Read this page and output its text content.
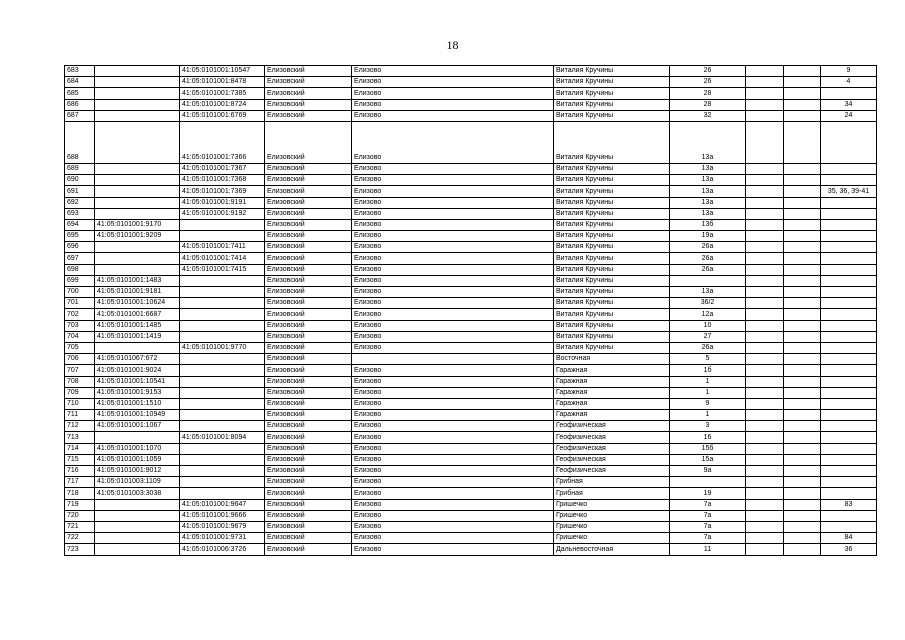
18
683		41:05:0101001:10547	Елизовский	Елизово	Виталия Кручины	26			9
684		41:05:0101001:8478	Елизовский	Елизово	Виталия Кручины	26			4
685		41:05:0101001:7385	Елизовский	Елизово	Виталия Кручины	28			
686		41:05:0101001:8724	Елизовский	Елизово	Виталия Кручины	28			34
687		41:05:0101001:6769	Елизовский	Елизово	Виталия Кручины	32			24
688		41:05:0101001:7366	Елизовский	Елизово	Виталия Кручины	13а			
689		41:05:0101001:7367	Елизовский	Елизово	Виталия Кручины	13а			
690		41:05:0101001:7368	Елизовский	Елизово	Виталия Кручины	13а			
691		41:05:0101001:7369	Елизовский	Елизово	Виталия Кручины	13а			35, 36, 39-41
692		41:05:0101001:9191	Елизовский	Елизово	Виталия Кручины	13а			
693		41:05:0101001:9192	Елизовский	Елизово	Виталия Кручины	13а			
694	41:05:0101001:9170		Елизовский	Елизово	Виталия Кручины	13б			
695	41:05:0101001:9209		Елизовский	Елизово	Виталия Кручины	19а			
696		41:05:0101001:7411	Елизовский	Елизово	Виталия Кручины	26а			
697		41:05:0101001:7414	Елизовский	Елизово	Виталия Кручины	26а			
698		41:05:0101001:7415	Елизовский	Елизово	Виталия Кручины	26а			
699	41:05:0101001:1483		Елизовский	Елизово	Виталия Кручины				
700	41:05:0101001:9181		Елизовский	Елизово	Виталия Кручины	13а			
701	41:05:0101001:10624		Елизовский	Елизово	Виталия Кручины	36/2			
702	41:05:0101001:6687		Елизовский	Елизово	Виталия Кручины	12а			
703	41:05:0101001:1485		Елизовский	Елизово	Виталия Кручины	10			
704	41:05:0101001:1419		Елизовский	Елизово	Виталия Кручины	27			
705		41:05:0101001:9770	Елизовский	Елизово	Виталия Кручины	26а			
706	41:05:0101067:672		Елизовский		Восточная	5			
707	41:05:0101001:9024		Елизовский	Елизово	Гаражная	1б			
708	41:05:0101001:10541		Елизовский	Елизово	Гаражная	1			
709	41:05:0101001:9153		Елизовский	Елизово	Гаражная	1			
710	41:05:0101001:1510		Елизовский	Елизово	Гаражная	9			
711	41:05:0101001:10949		Елизовский	Елизово	Гаражная	1			
712	41:05:0101001:1067		Елизовский	Елизово	Геофизическая	3			
713		41:05:0101001:8094	Елизовский	Елизово	Геофизическая	16			
714	41:05:0101001:1070		Елизовский	Елизово	Геофизическая	15б			
715	41:05:0101001:1059		Елизовский	Елизово	Геофизическая	15а			
716	41:05:0101001:9012		Елизовский	Елизово	Геофизическая	9а			
717	41:05:0101003:1109		Елизовский	Елизово	Грибная				
718	41:05:0101003:3038		Елизовский	Елизово	Грибная	19			
719		41:05:0101001:9647	Елизовский	Елизово	Гришечко	7а			83
720		41:05:0101001:9666	Елизовский	Елизово	Гришечко	7а			
721		41:05:0101001:9679	Елизовский	Елизово	Гришечко	7а			
722		41:05:0101001:9731	Елизовский	Елизово	Гришечко	7а			84
723		41:05:0101006:3726	Елизовский	Елизово	Дальневосточная	11			36
